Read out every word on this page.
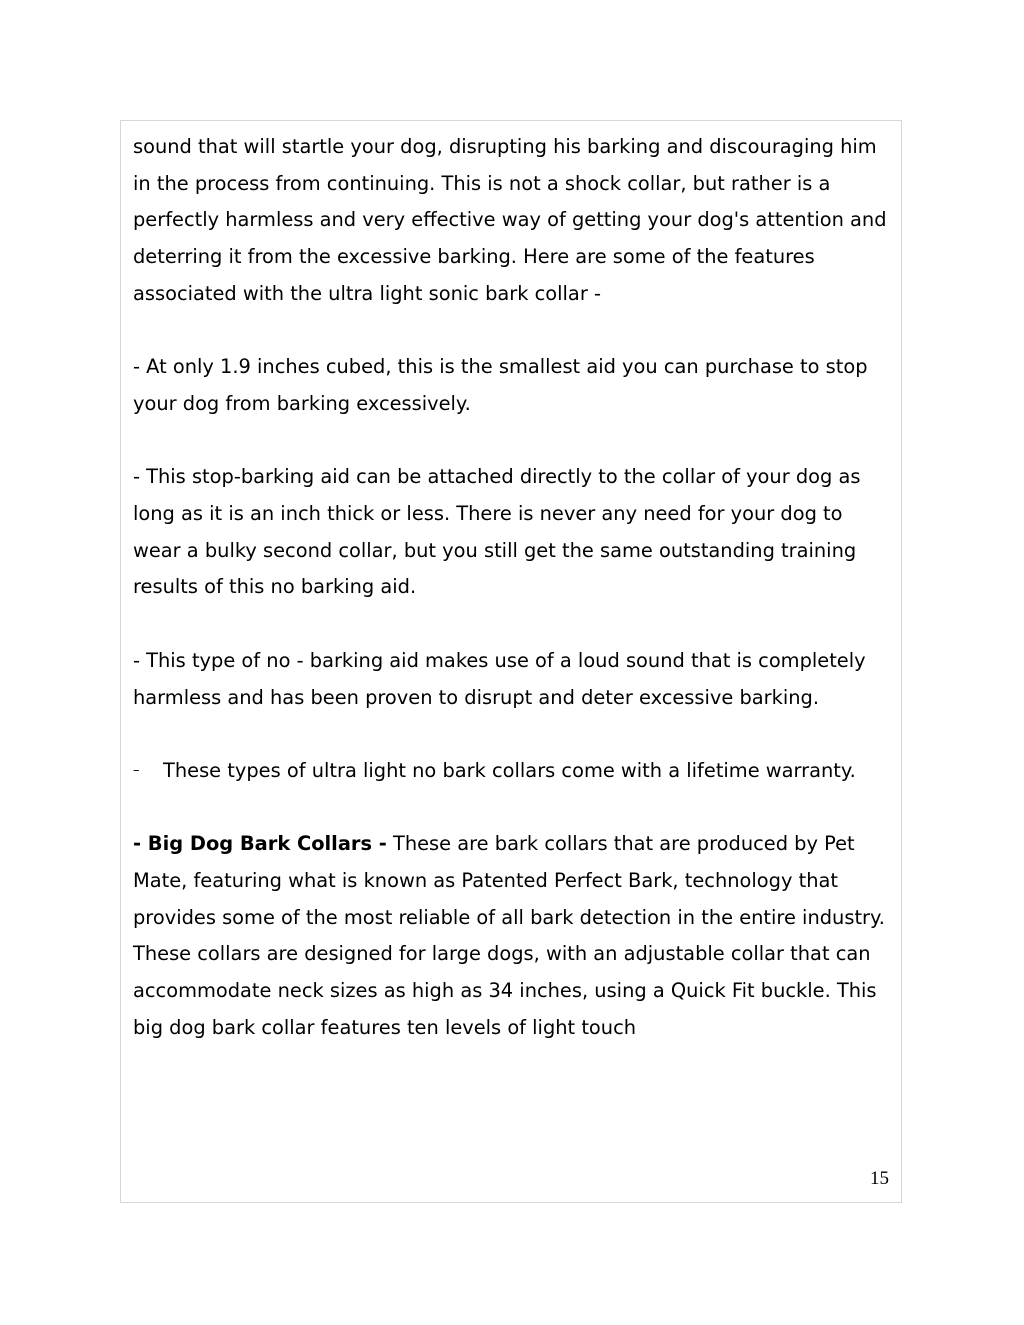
sound that will startle your dog, disrupting his barking and discouraging him in the process from continuing. This is not a shock collar, but rather is a perfectly harmless and very effective way of getting your dog's attention and deterring it from the excessive barking. Here are some of the features associated with the ultra light sonic bark collar -

- At only 1.9 inches cubed, this is the smallest aid you can purchase to stop your dog from barking excessively.

- This stop-barking aid can be attached directly to the collar of your dog as long as it is an inch thick or less. There is never any need for your dog to wear a bulky second collar, but you still get the same outstanding training results of this no barking aid.

- This type of no - barking aid makes use of a loud sound that is completely harmless and has been proven to disrupt and deter excessive barking.

–	These types of ultra light no bark collars come with a lifetime warranty.

- Big Dog Bark Collars - These are bark collars that are produced by Pet Mate, featuring what is known as Patented Perfect Bark, technology that provides some of the most reliable of all bark detection in the entire industry. These collars are designed for large dogs, with an adjustable collar that can accommodate neck sizes as high as 34 inches, using a Quick Fit buckle. This big dog bark collar features ten levels of light touch

15
